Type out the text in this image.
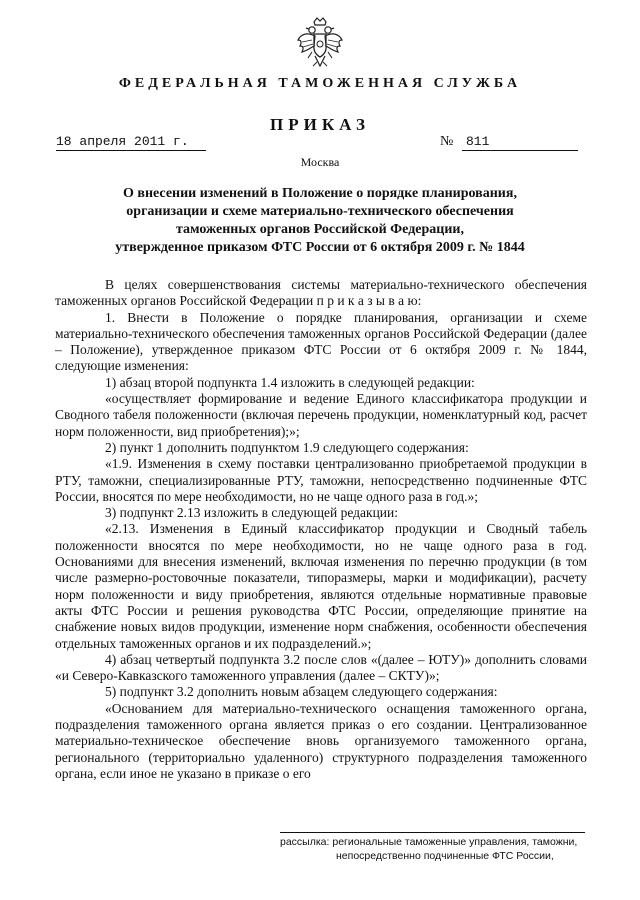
ФЕДЕРАЛЬНАЯ ТАМОЖЕННАЯ СЛУЖБА
ПРИКАЗ
18 апреля 2011 г.	№ 811
Москва
О внесении изменений в Положение о порядке планирования,
организации и схеме материально-технического обеспечения
таможенных органов Российской Федерации,
утвержденное приказом ФТС России от 6 октября 2009 г. № 1844

В целях совершенствования системы материально-технического обеспечения таможенных органов Российской Федерации п р и к а з ы в а ю:

1. Внести в Положение о порядке планирования, организации и схеме материально-технического обеспечения таможенных органов Российской Федерации (далее – Положение), утвержденное приказом ФТС России от 6 октября 2009 г. № 1844, следующие изменения:

1) абзац второй подпункта 1.4 изложить в следующей редакции:

«осуществляет формирование и ведение Единого классификатора продукции и Сводного табеля положенности (включая перечень продукции, номенклатурный код, расчет норм положенности, вид приобретения);»;

2) пункт 1 дополнить подпунктом 1.9 следующего содержания:

«1.9. Изменения в схему поставки централизованно приобретаемой продукции в РТУ, таможни, специализированные РТУ, таможни, непосредственно подчиненные ФТС России, вносятся по мере необходимости, но не чаще одного раза в год.»;

3) подпункт 2.13 изложить в следующей редакции:

«2.13. Изменения в Единый классификатор продукции и Сводный табель положенности вносятся по мере необходимости, но не чаще одного раза в год. Основаниями для внесения изменений, включая изменения по перечню продукции (в том числе размерно-ростовочные показатели, типоразмеры, марки и модификации), расчету норм положенности и виду приобретения, являются отдельные нормативные правовые акты ФТС России и решения руководства ФТС России, определяющие принятие на снабжение новых видов продукции, изменение норм снабжения, особенности обеспечения отдельных таможенных органов и их подразделений.»;

4) абзац четвертый подпункта 3.2 после слов «(далее – ЮТУ)» дополнить словами «и Северо-Кавказского таможенного управления (далее – СКТУ)»;

5) подпункт 3.2 дополнить новым абзацем следующего содержания:

«Основанием для материально-технического оснащения таможенного органа, подразделения таможенного органа является приказ о его создании. Централизованное материально-техническое обеспечение вновь организуемого таможенного органа, регионального (территориально удаленного) структурного подразделения таможенного органа, если иное не указано в приказе о его

рассылка: региональные таможенные управления, таможни,
непосредственно подчиненные ФТС России,
